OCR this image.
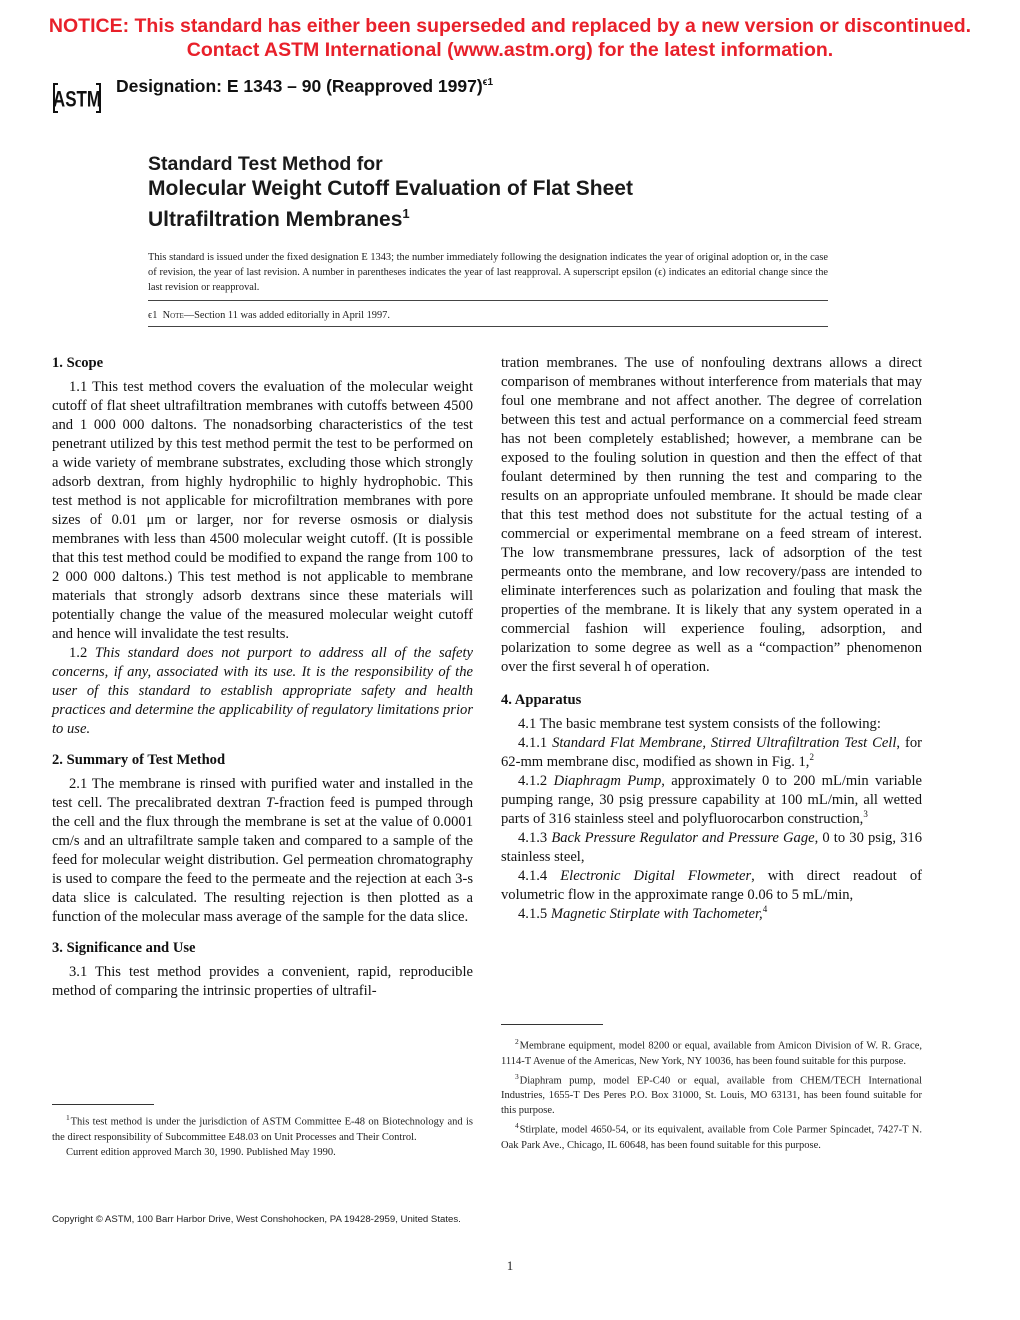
NOTICE: This standard has either been superseded and replaced by a new version or discontinued.
Contact ASTM International (www.astm.org) for the latest information.
ASTM
Designation: E 1343 – 90 (Reapproved 1997)$^{\epsilon 1}$
Standard Test Method for
Molecular Weight Cutoff Evaluation of Flat Sheet
Ultrafiltration Membranes$^1$
This standard is issued under the fixed designation E 1343; the number immediately following the designation indicates the year of original adoption or, in the case of revision, the year of last revision. A number in parentheses indicates the year of last reapproval. A superscript epsilon (ϵ) indicates an editorial change since the last revision or reapproval.
ϵ1 Note—Section 11 was added editorially in April 1997.
1. Scope

1.1 This test method covers the evaluation of the molecular weight cutoff of flat sheet ultrafiltration membranes with cutoffs between 4500 and 1 000 000 daltons. The nonadsorbing characteristics of the test penetrant utilized by this test method permit the test to be performed on a wide variety of membrane substrates, excluding those which strongly adsorb dextran, from highly hydrophilic to highly hydrophobic. This test method is not applicable for microfiltration membranes with pore sizes of 0.01 μm or larger, nor for reverse osmosis or dialysis membranes with less than 4500 molecular weight cutoff. (It is possible that this test method could be modified to expand the range from 100 to 2 000 000 daltons.) This test method is not applicable to membrane materials that strongly adsorb dextrans since these materials will potentially change the value of the measured molecular weight cutoff and hence will invalidate the test results.

1.2 This standard does not purport to address all of the safety concerns, if any, associated with its use. It is the responsibility of the user of this standard to establish appropriate safety and health practices and determine the applicability of regulatory limitations prior to use.

2. Summary of Test Method

2.1 The membrane is rinsed with purified water and installed in the test cell. The precalibrated dextran T-fraction feed is pumped through the cell and the flux through the membrane is set at the value of 0.0001 cm/s and an ultrafiltrate sample taken and compared to a sample of the feed for molecular weight distribution. Gel permeation chromatography is used to compare the feed to the permeate and the rejection at each 3-s data slice is calculated. The resulting rejection is then plotted as a function of the molecular mass average of the sample for the data slice.

3. Significance and Use

3.1 This test method provides a convenient, rapid, reproducible method of comparing the intrinsic properties of ultrafil-

$^1$ This test method is under the jurisdiction of ASTM Committee E-48 on Biotechnology and is the direct responsibility of Subcommittee E48.03 on Unit Processes and Their Control.

Current edition approved March 30, 1990. Published May 1990.

tration membranes. The use of nonfouling dextrans allows a direct comparison of membranes without interference from materials that may foul one membrane and not affect another. The degree of correlation between this test and actual performance on a commercial feed stream has not been completely established; however, a membrane can be exposed to the fouling solution in question and then the effect of that foulant determined by then running the test and comparing to the results on an appropriate unfouled membrane. It should be made clear that this test method does not substitute for the actual testing of a commercial or experimental membrane on a feed stream of interest. The low transmembrane pressures, lack of adsorption of the test permeants onto the membrane, and low recovery/pass are intended to eliminate interferences such as polarization and fouling that mask the properties of the membrane. It is likely that any system operated in a commercial fashion will experience fouling, adsorption, and polarization to some degree as well as a “compaction” phenomenon over the first several h of operation.

4. Apparatus

4.1 The basic membrane test system consists of the following:

4.1.1 Standard Flat Membrane, Stirred Ultrafiltration Test Cell, for 62-mm membrane disc, modified as shown in Fig. 1,$^2$

4.1.2 Diaphragm Pump, approximately 0 to 200 mL/min variable pumping range, 30 psig pressure capability at 100 mL/min, all wetted parts of 316 stainless steel and polyfluorocarbon construction,$^3$

4.1.3 Back Pressure Regulator and Pressure Gage, 0 to 30 psig, 316 stainless steel,

4.1.4 Electronic Digital Flowmeter, with direct readout of volumetric flow in the approximate range 0.06 to 5 mL/min,

4.1.5 Magnetic Stirplate with Tachometer,$^4$

$^2$ Membrane equipment, model 8200 or equal, available from Amicon Division of W. R. Grace, 1114-T Avenue of the Americas, New York, NY 10036, has been found suitable for this purpose.

$^3$ Diaphram pump, model EP-C40 or equal, available from CHEM/TECH International Industries, 1655-T Des Peres P.O. Box 31000, St. Louis, MO 63131, has been found suitable for this purpose.

$^4$ Stirplate, model 4650-54, or its equivalent, available from Cole Parmer Spincadet, 7427-T N. Oak Park Ave., Chicago, IL 60648, has been found suitable for this purpose.

Copyright © ASTM, 100 Barr Harbor Drive, West Conshohocken, PA 19428-2959, United States.
1
